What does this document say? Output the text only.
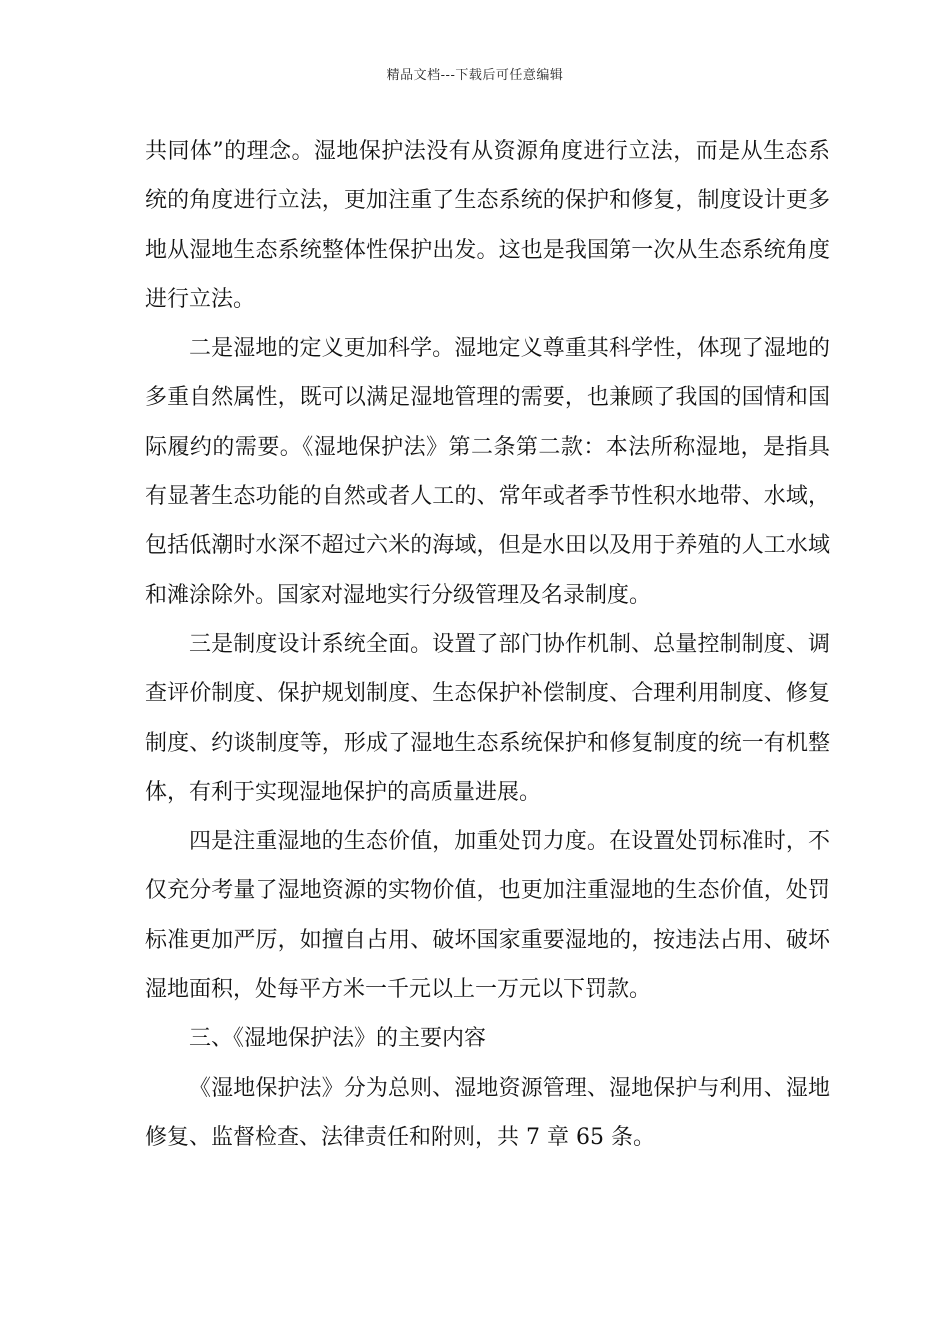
精品文档---下载后可任意编辑

共同体”的理念。湿地保护法没有从资源角度进行立法，而是从生态系统的角度进行立法，更加注重了生态系统的保护和修复，制度设计更多地从湿地生态系统整体性保护出发。这也是我国第一次从生态系统角度进行立法。

二是湿地的定义更加科学。湿地定义尊重其科学性，体现了湿地的多重自然属性，既可以满足湿地管理的需要，也兼顾了我国的国情和国际履约的需要。《湿地保护法》第二条第二款：本法所称湿地，是指具有显著生态功能的自然或者人工的、常年或者季节性积水地带、水域，包括低潮时水深不超过六米的海域，但是水田以及用于养殖的人工水域和滩涂除外。国家对湿地实行分级管理及名录制度。

三是制度设计系统全面。设置了部门协作机制、总量控制制度、调查评价制度、保护规划制度、生态保护补偿制度、合理利用制度、修复制度、约谈制度等，形成了湿地生态系统保护和修复制度的统一有机整体，有利于实现湿地保护的高质量进展。

四是注重湿地的生态价值，加重处罚力度。在设置处罚标准时，不仅充分考量了湿地资源的实物价值，也更加注重湿地的生态价值，处罚标准更加严厉，如擅自占用、破坏国家重要湿地的，按违法占用、破坏湿地面积，处每平方米一千元以上一万元以下罚款。

三、《湿地保护法》的主要内容

《湿地保护法》分为总则、湿地资源管理、湿地保护与利用、湿地修复、监督检查、法律责任和附则，共 7 章 65 条。
